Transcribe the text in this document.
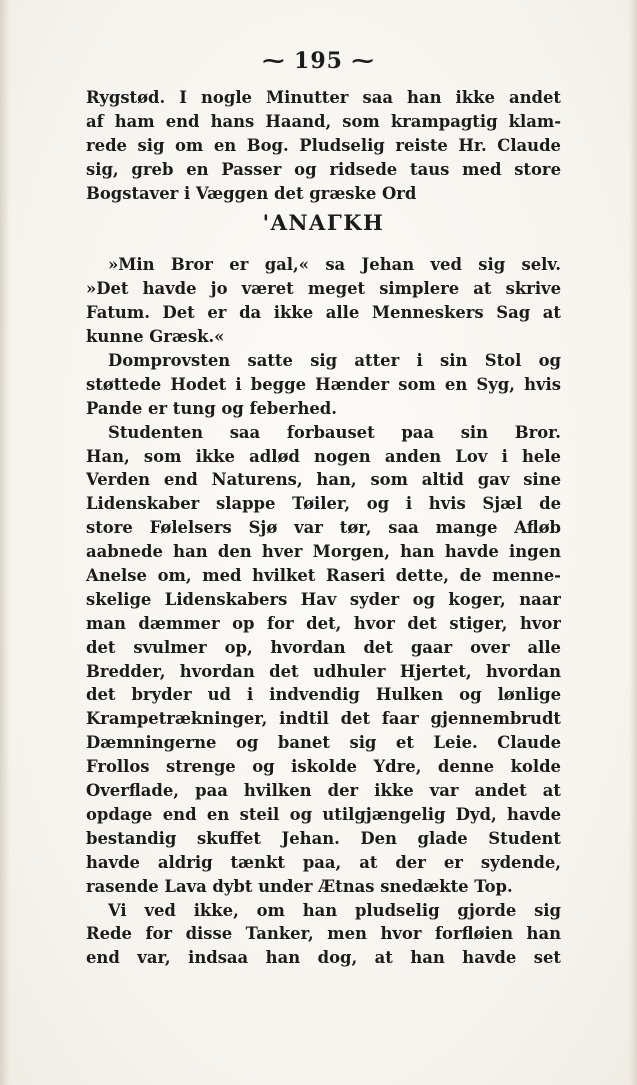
⁓ 195 ⁓
Rygstød. I nogle Minutter saa han ikke andet
af ham end hans Haand, som krampagtig klam-
rede sig om en Bog. Pludselig reiste Hr. Claude
sig, greb en Passer og ridsede taus med store
Bogstaver i Væggen det græske Ord
'ANAΓKH
»Min Bror er gal,« sa Jehan ved sig selv.
»Det havde jo været meget simplere at skrive
Fatum. Det er da ikke alle Menneskers Sag at
kunne Græsk.«
Domprovsten satte sig atter i sin Stol og
støttede Hodet i begge Hænder som en Syg, hvis
Pande er tung og feberhed.
Studenten saa forbauset paa sin Bror.
Han, som ikke adlød nogen anden Lov i hele
Verden end Naturens, han, som altid gav sine
Lidenskaber slappe Tøiler, og i hvis Sjæl de
store Følelsers Sjø var tør, saa mange Afløb
aabnede han den hver Morgen, han havde ingen
Anelse om, med hvilket Raseri dette, de menne-
skelige Lidenskabers Hav syder og koger, naar
man dæmmer op for det, hvor det stiger, hvor
det svulmer op, hvordan det gaar over alle
Bredder, hvordan det udhuler Hjertet, hvordan
det bryder ud i indvendig Hulken og lønlige
Krampetrækninger, indtil det faar gjennembrudt
Dæmningerne og banet sig et Leie. Claude
Frollos strenge og iskolde Ydre, denne kolde
Overflade, paa hvilken der ikke var andet at
opdage end en steil og utilgjængelig Dyd, havde
bestandig skuffet Jehan. Den glade Student
havde aldrig tænkt paa, at der er sydende,
rasende Lava dybt under Ætnas snedækte Top.
Vi ved ikke, om han pludselig gjorde sig
Rede for disse Tanker, men hvor forfløien han
end var, indsaa han dog, at han havde set
